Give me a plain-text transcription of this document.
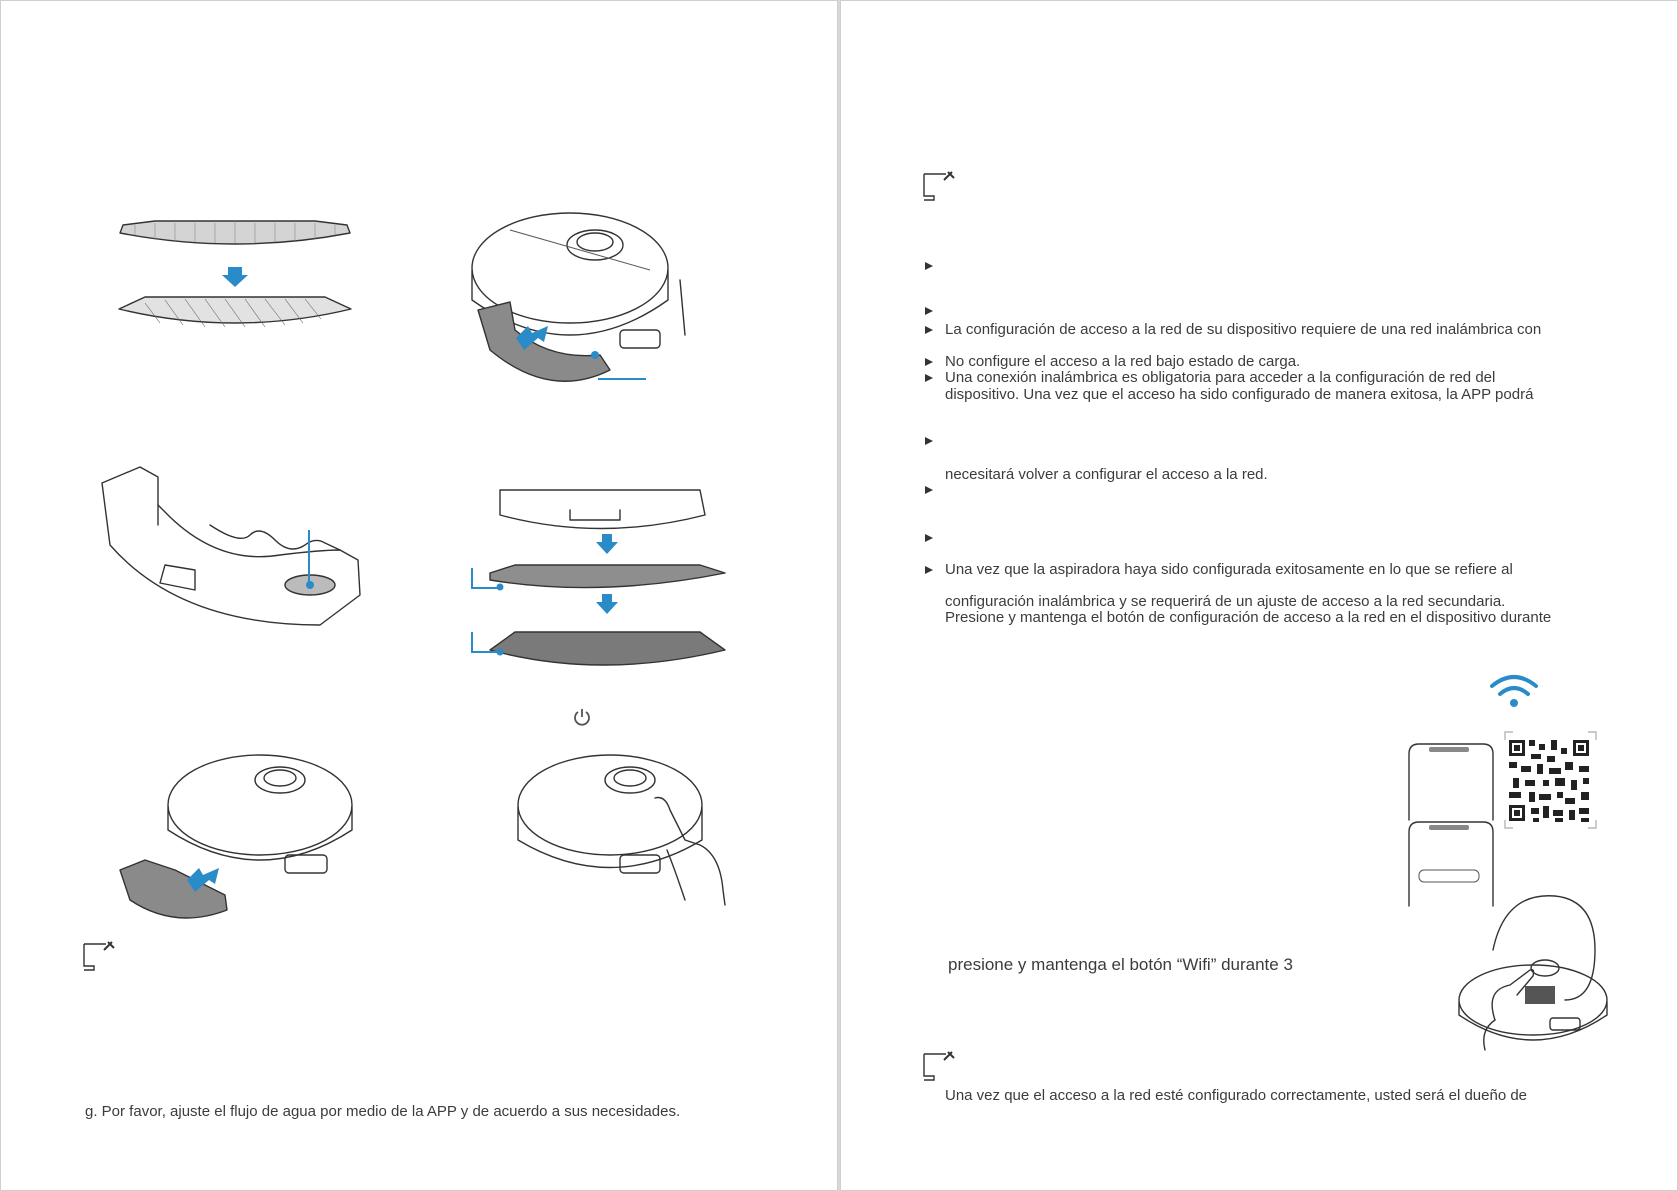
g. Por favor, ajuste el flujo de agua por medio de la APP y de acuerdo a sus necesidades.
La configuración de acceso a la red de su dispositivo requiere de una red inalámbrica con
No configure el acceso a la red bajo estado de carga.
Una conexión inalámbrica es obligatoria para acceder a la configuración de red del
dispositivo. Una vez que el acceso ha sido configurado de manera exitosa, la APP podrá
necesitará volver a configurar el acceso a la red.
Una vez que la aspiradora haya sido configurada exitosamente en lo que se refiere al
configuración inalámbrica y se requerirá de un ajuste de acceso a la red secundaria.
Presione y mantenga el botón de configuración de acceso a la red en el dispositivo durante
presione y mantenga el botón “Wifi” durante 3
Una vez que el acceso a la red esté configurado correctamente, usted será el dueño de
